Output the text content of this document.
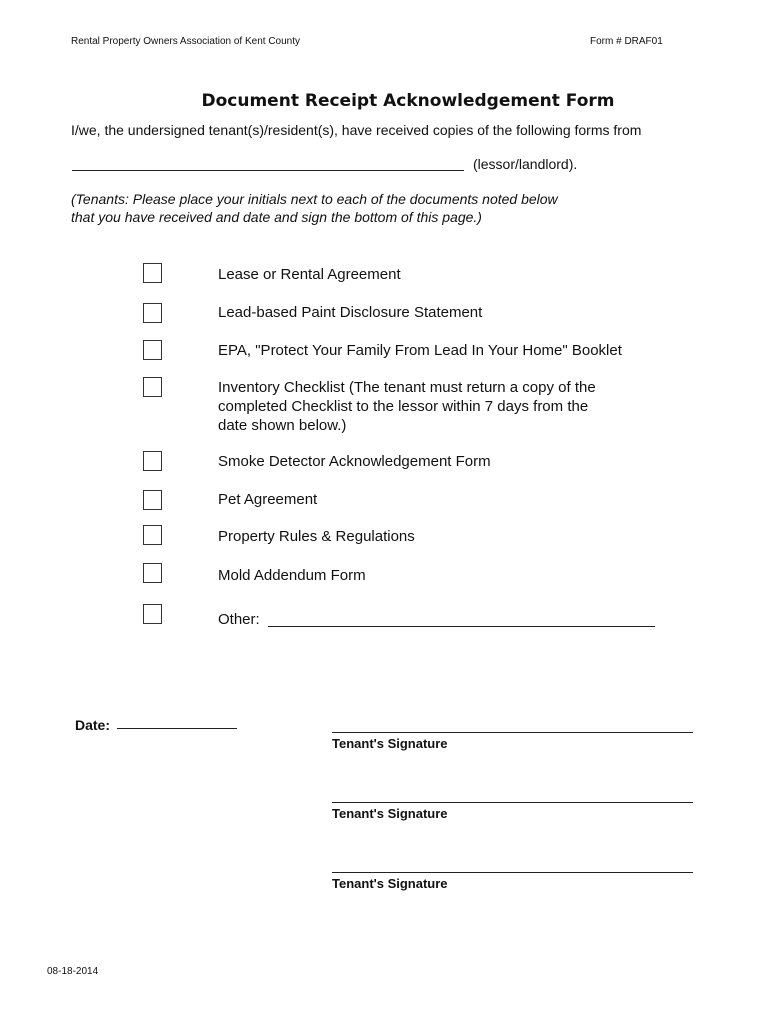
Rental Property Owners Association of Kent County	Form # DRAF01
Document Receipt Acknowledgement Form
I/we, the undersigned tenant(s)/resident(s), have received copies of the following forms from
(lessor/landlord).
(Tenants: Please place your initials next to each of the documents noted below
that you have received and date and sign the bottom of this page.)
Lease or Rental Agreement
Lead-based Paint Disclosure Statement
EPA, "Protect Your Family From Lead In Your Home" Booklet
Inventory Checklist (The tenant must return a copy of the
completed Checklist to the lessor within 7 days from the
date shown below.)
Smoke Detector Acknowledgement Form
Pet Agreement
Property Rules & Regulations
Mold Addendum Form
Other:
Date:
Tenant's Signature
Tenant's Signature
Tenant's Signature
08-18-2014
